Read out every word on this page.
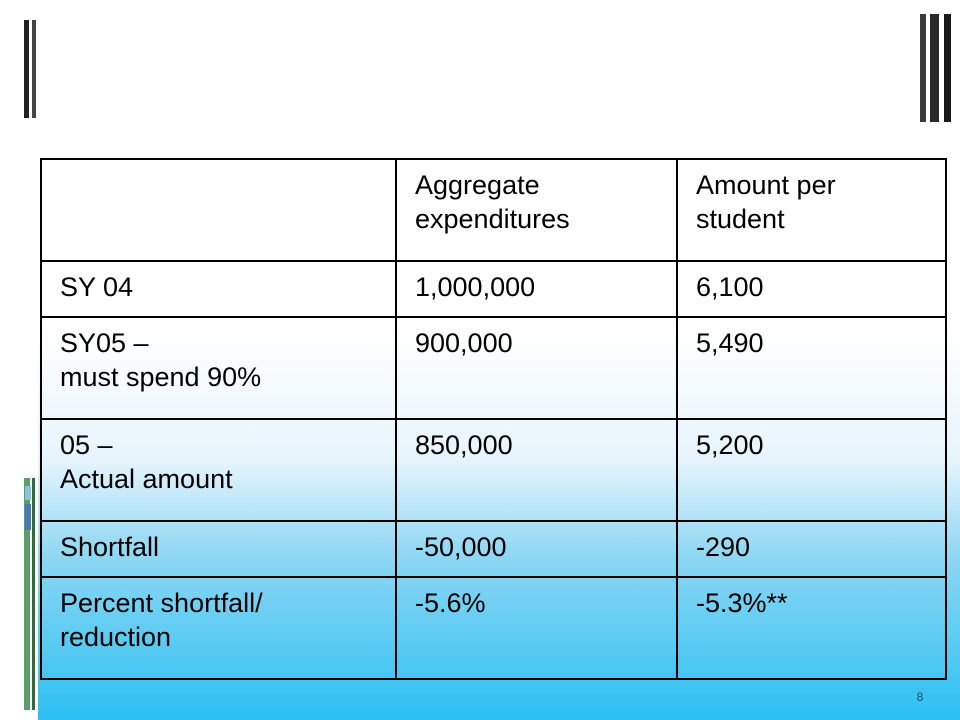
	Aggregate
expenditures	Amount per
student
SY 04	1,000,000	6,100
SY05 –
must spend 90%	900,000	5,490
05 –
Actual amount	850,000	5,200
Shortfall	-50,000	-290
Percent shortfall/
reduction	-5.6%	-5.3%**
8
